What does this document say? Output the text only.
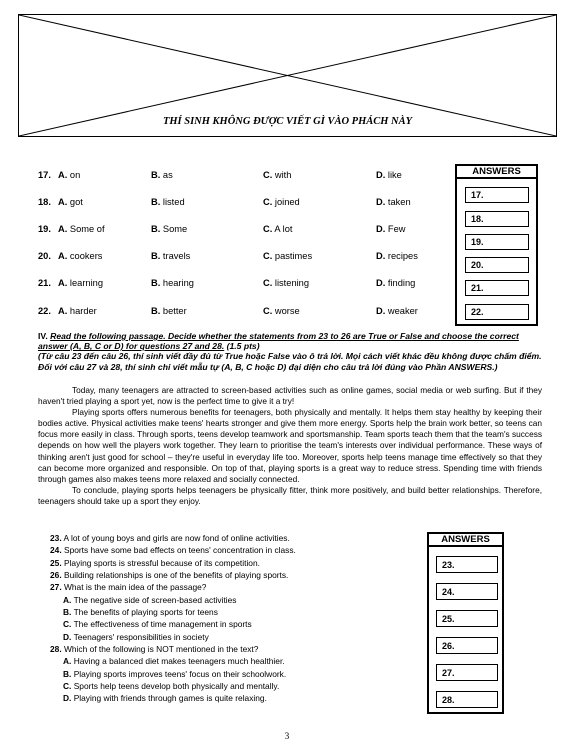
THÍ SINH KHÔNG ĐƯỢC VIẾT GÌ VÀO PHÁCH NÀY
17. A. on	B. as	C. with	D. like
18. A. got	B. listed	C. joined	D. taken
19. A. Some of	B. Some	C. A lot	D. Few
20. A. cookers	B. travels	C. pastimes	D. recipes
21. A. learning	B. hearing	C. listening	D. finding
22. A. harder	B. better	C. worse	D. weaker
ANSWERS
17.
18.
19.
20.
21.
22.
IV. Read the following passage. Decide whether the statements from 23 to 26 are True or False and choose the correct answer (A, B, C or D) for questions 27 and 28. (1.5 pts)
(Từ câu 23 đến câu 26, thí sinh viết đầy đủ từ True hoặc False vào ô trả lời. Mọi cách viết khác đều không được chấm điểm. Đối với câu 27 và 28, thí sinh chỉ viết mẫu tự (A, B, C hoặc D) đại diện cho câu trả lời đúng vào Phần ANSWERS.)

Today, many teenagers are attracted to screen-based activities such as online games, social media or web surfing. But if they haven't tried playing a sport yet, now is the perfect time to give it a try!

Playing sports offers numerous benefits for teenagers, both physically and mentally. It helps them stay healthy by keeping their bodies active. Physical activities make teens' hearts stronger and give them more energy. Sports help the brain work better, so teens can focus more easily in class. Through sports, teens develop teamwork and sportsmanship. Team sports teach them that the team's success depends on how well the players work together. They learn to prioritise the team's interests over individual performance. These ways of thinking aren't just good for school – they're useful in everyday life too. Moreover, sports help teens manage time effectively so that they can become more organized and responsible. On top of that, playing sports is a great way to reduce stress. Spending time with friends through games also makes teens more relaxed and socially connected.

To conclude, playing sports helps teenagers be physically fitter, think more positively, and build better relationships. Therefore, teenagers should take up a sport they enjoy.

23. A lot of young boys and girls are now fond of online activities.
24. Sports have some bad effects on teens' concentration in class.
25. Playing sports is stressful because of its competition.
26. Building relationships is one of the benefits of playing sports.
27. What is the main idea of the passage?
A. The negative side of screen-based activities
B. The benefits of playing sports for teens
C. The effectiveness of time management in sports
D. Teenagers' responsibilities in society
28. Which of the following is NOT mentioned in the text?
A. Having a balanced diet makes teenagers much healthier.
B. Playing sports improves teens' focus on their schoolwork.
C. Sports help teens develop both physically and mentally.
D. Playing with friends through games is quite relaxing.
ANSWERS
23.
24.
25.
26.
27.
28.
3
